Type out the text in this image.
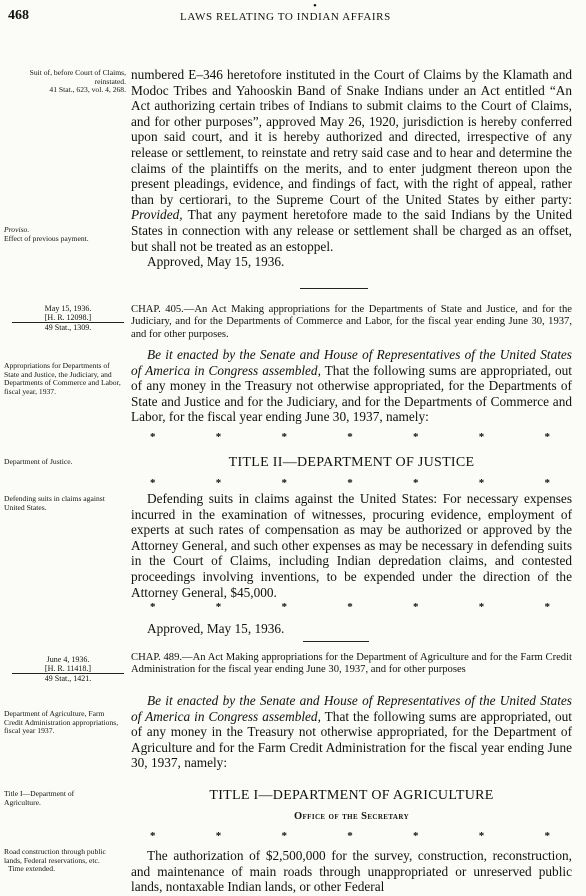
•
468	LAWS RELATING TO INDIAN AFFAIRS
Suit of, before Court of Claims, reinstated.
41 Stat., 623, vol. 4, 268.
Proviso.
Effect of previous payment.
May 15, 1936.
[H. R. 12098.]
49 Stat., 1309.
Appropriations for Departments of State and Justice, the Judiciary, and Departments of Commerce and Labor, fiscal year, 1937.
Department of Justice.
Defending suits in claims against United States.
June 4, 1936.
[H. R. 11418.]
49 Stat., 1421.
Department of Agriculture, Farm Credit Administration appropriations, fiscal year 1937.
Title I—Department of Agriculture.
Road construction through public lands, Federal reservations, etc.
Time extended.

numbered E–346 heretofore instituted in the Court of Claims by the Klamath and Modoc Tribes and Yahooskin Band of Snake Indians under an Act entitled “An Act authorizing certain tribes of Indians to submit claims to the Court of Claims, and for other purposes”, approved May 26, 1920, jurisdiction is hereby conferred upon said court, and it is hereby authorized and directed, irrespective of any release or settlement, to reinstate and retry said case and to hear and determine the claims of the plaintiffs on the merits, and to enter judgment thereon upon the present pleadings, evidence, and findings of fact, with the right of appeal, rather than by certiorari, to the Supreme Court of the United States by either party: Provided, That any payment heretofore made to the said Indians by the United States in connection with any release or settlement shall be charged as an offset, but shall not be treated as an estoppel.

Approved, May 15, 1936.

CHAP. 405.—An Act Making appropriations for the Departments of State and Justice, and for the Judiciary, and for the Departments of Commerce and Labor, for the fiscal year ending June 30, 1937, and for other purposes.

Be it enacted by the Senate and House of Representatives of the United States of America in Congress assembled, That the following sums are appropriated, out of any money in the Treasury not otherwise appropriated, for the Departments of State and Justice and for the Judiciary, and for the Departments of Commerce and Labor, for the fiscal year ending June 30, 1937, namely:

*	*	*	*	*	*	*
TITLE II—DEPARTMENT OF JUSTICE
*	*	*	*	*	*	*

Defending suits in claims against the United States: For necessary expenses incurred in the examination of witnesses, procuring evidence, employment of experts at such rates of compensation as may be authorized or approved by the Attorney General, and such other expenses as may be necessary in defending suits in the Court of Claims, including Indian depredation claims, and contested proceedings involving inventions, to be expended under the direction of the Attorney General, $45,000.

*	*	*	*	*	*	*

Approved, May 15, 1936.

CHAP. 489.—An Act Making appropriations for the Department of Agriculture and for the Farm Credit Administration for the fiscal year ending June 30, 1937, and for other purposes

Be it enacted by the Senate and House of Representatives of the United States of America in Congress assembled, That the following sums are appropriated, out of any money in the Treasury not otherwise appropriated, for the Department of Agriculture and for the Farm Credit Administration for the fiscal year ending June 30, 1937, namely:

TITLE I—DEPARTMENT OF AGRICULTURE
Office of the Secretary
*	*	*	*	*	*	*

The authorization of $2,500,000 for the survey, construction, reconstruction, and maintenance of main roads through unappropriated or unreserved public lands, nontaxable Indian lands, or other Federal
